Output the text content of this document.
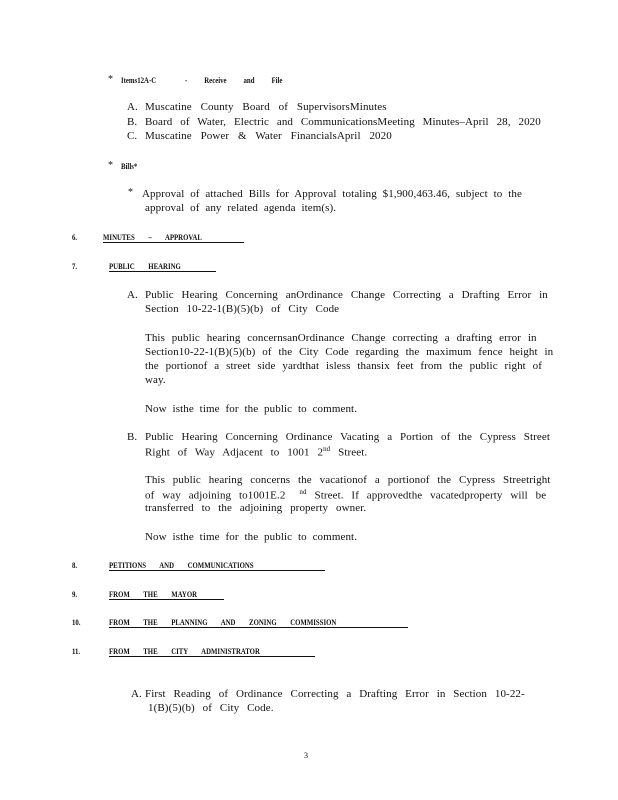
* Items12A-C	- Receive and File
A. Muscatine County Board of SupervisorsMinutes
B. Board of Water, Electric and CommunicationsMeeting Minutes–April 28, 2020
C. Muscatine Power & Water FinancialsApril 2020
* Bills*
* Approval of attached Bills for Approval totaling $1,900,463.46, subject to the
approval of any related agenda item(s).
6.	MINUTES – APPROVAL
7.	PUBLIC HEARING
A. Public Hearing Concerning anOrdinance Change Correcting a Drafting Error in
Section 10-22-1(B)(5)(b) of City Code
This public hearing concernsanOrdinance Change correcting a drafting error in
Section10-22-1(B)(5)(b) of the City Code regarding the maximum fence height in
the portionof a street side yardthat isless thansix feet from the public right of
way.
Now isthe time for the public to comment.
B. Public Hearing Concerning Ordinance Vacating a Portion of the Cypress Street
Right of Way Adjacent to 1001 2nd Street.
This public hearing concerns the vacationof a portionof the Cypress Streetright
of way adjoining to1001E.2 $^{nd}$ Street. If approvedthe vacatedproperty will be
transferred to the adjoining property owner.
Now isthe time for the public to comment.
8.	PETITIONS AND COMMUNICATIONS
9.	FROM THE MAYOR
10.	FROM THE PLANNING AND ZONING COMMISSION
11.	FROM THE CITY ADMINISTRATOR
A. First Reading of Ordinance Correcting a Drafting Error in Section 10-22-
1(B)(5)(b) of City Code.
3
